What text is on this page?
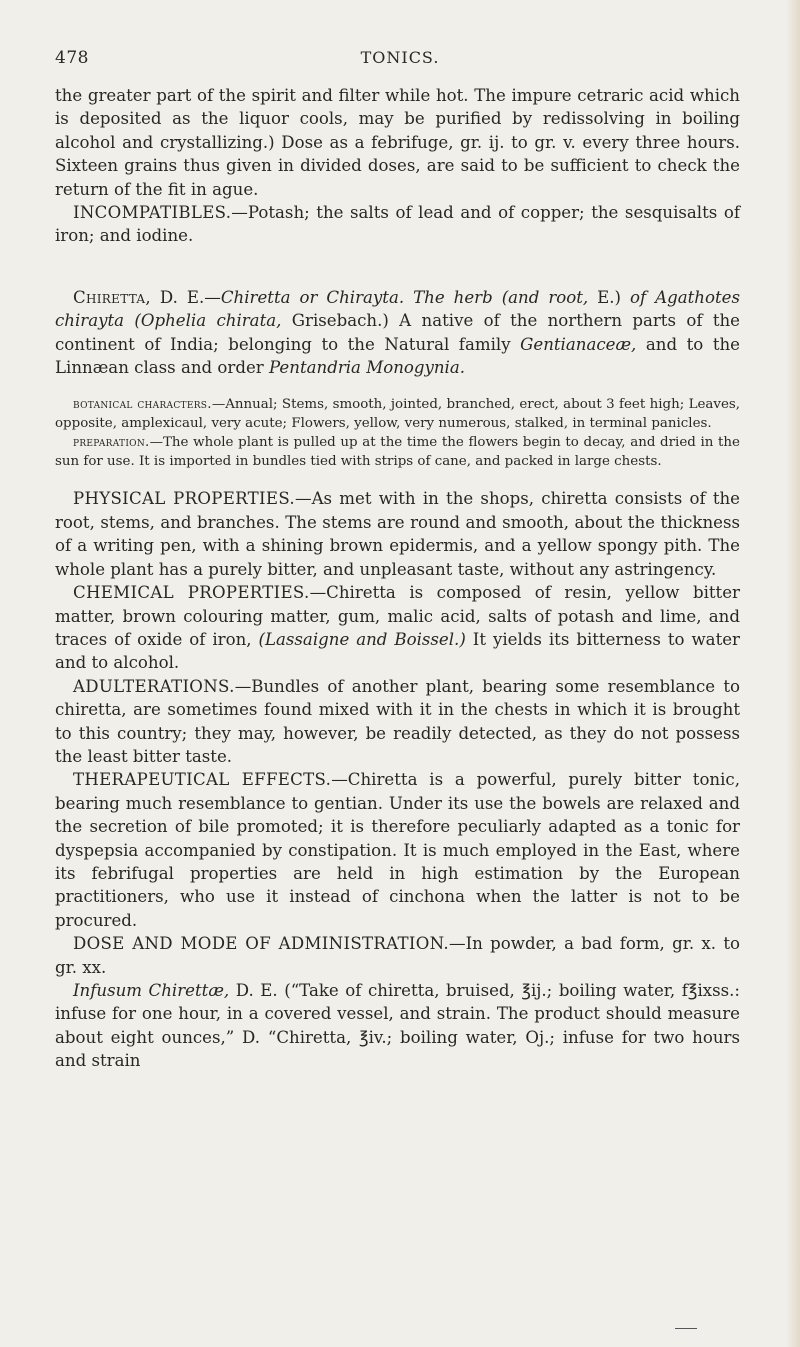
478	TONICS.

the greater part of the spirit and filter while hot. The impure cetraric acid which is deposited as the liquor cools, may be purified by redissolving in boiling alcohol and crystallizing.) Dose as a febrifuge, gr. ij. to gr. v. every three hours. Sixteen grains thus given in divided doses, are said to be sufficient to check the return of the fit in ague.

INCOMPATIBLES.—Potash; the salts of lead and of copper; the sesquisalts of iron; and iodine.

Chiretta, D. E.—Chiretta or Chirayta. The herb (and root, E.) of Agathotes chirayta (Ophelia chirata, Grisebach.) A native of the northern parts of the continent of India; belonging to the Natural family Gentianaceæ, and to the Linnæan class and order Pentandria Monogynia.

botanical characters.—Annual; Stems, smooth, jointed, branched, erect, about 3 feet high; Leaves, opposite, amplexicaul, very acute; Flowers, yellow, very numerous, stalked, in terminal panicles.

preparation.—The whole plant is pulled up at the time the flowers begin to decay, and dried in the sun for use. It is imported in bundles tied with strips of cane, and packed in large chests.

PHYSICAL PROPERTIES.—As met with in the shops, chiretta consists of the root, stems, and branches. The stems are round and smooth, about the thickness of a writing pen, with a shining brown epidermis, and a yellow spongy pith. The whole plant has a purely bitter, and unpleasant taste, without any astringency.

CHEMICAL PROPERTIES.—Chiretta is composed of resin, yellow bitter matter, brown colouring matter, gum, malic acid, salts of potash and lime, and traces of oxide of iron, (Lassaigne and Boissel.) It yields its bitterness to water and to alcohol.

ADULTERATIONS.—Bundles of another plant, bearing some resemblance to chiretta, are sometimes found mixed with it in the chests in which it is brought to this country; they may, however, be readily detected, as they do not possess the least bitter taste.

THERAPEUTICAL EFFECTS.—Chiretta is a powerful, purely bitter tonic, bearing much resemblance to gentian. Under its use the bowels are relaxed and the secretion of bile promoted; it is therefore peculiarly adapted as a tonic for dyspepsia accompanied by constipation. It is much employed in the East, where its febrifugal properties are held in high estimation by the European practitioners, who use it instead of cinchona when the latter is not to be procured.

DOSE AND MODE OF ADMINISTRATION.—In powder, a bad form, gr. x. to gr. xx.

Infusum Chirettæ, D. E. (“Take of chiretta, bruised, ℥ij.; boiling water, f℥ixss.: infuse for one hour, in a covered vessel, and strain. The product should measure about eight ounces,” D. “Chiretta, ℥iv.; boiling water, Oj.; infuse for two hours and strain
